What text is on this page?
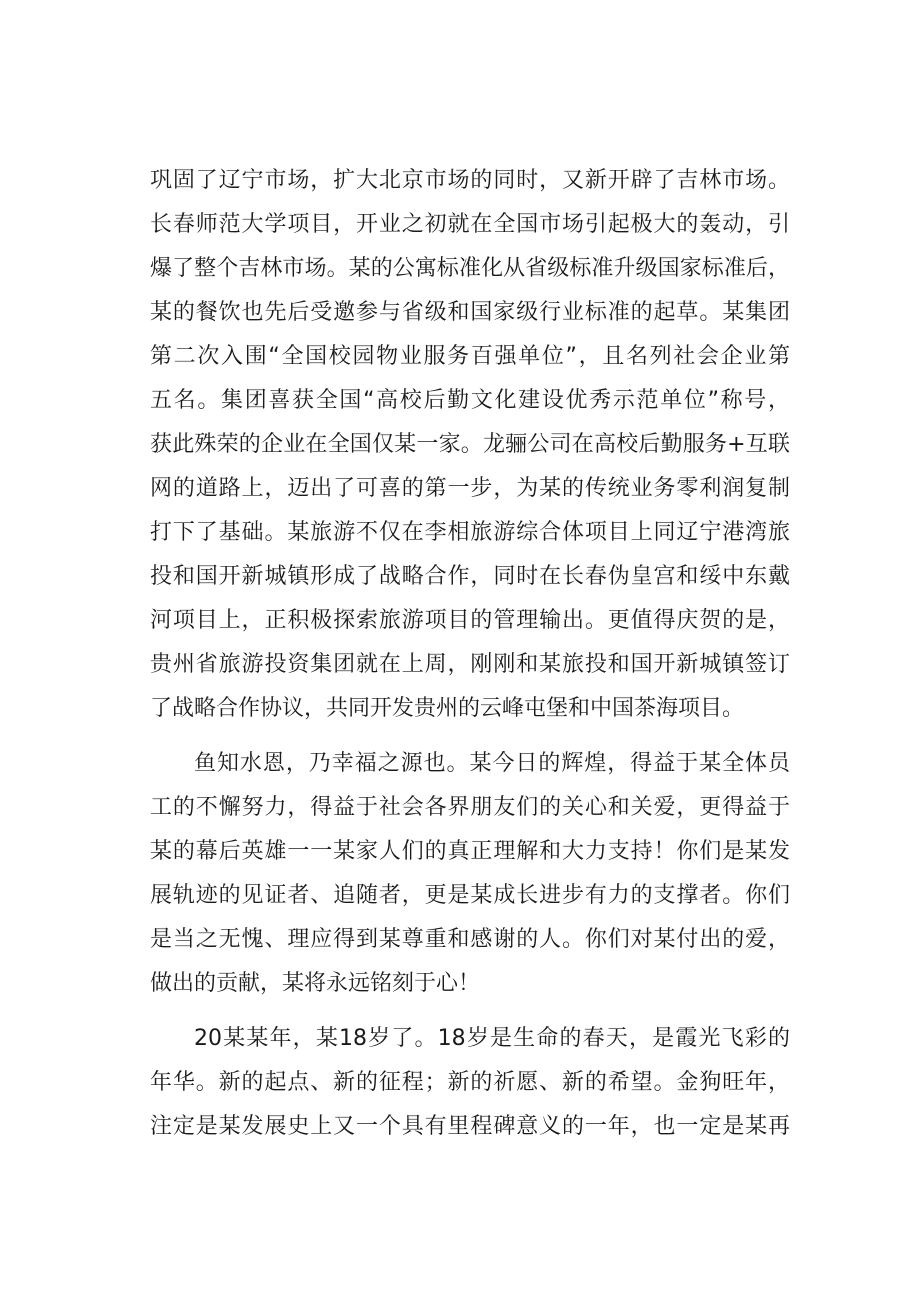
巩固了辽宁市场，扩大北京市场的同时，又新开辟了吉林市场。
长春师范大学项目，开业之初就在全国市场引起极大的轰动，引
爆了整个吉林市场。某的公寓标准化从省级标准升级国家标准后，
某的餐饮也先后受邀参与省级和国家级行业标准的起草。某集团
第二次入围“全国校园物业服务百强单位”，且名列社会企业第
五名。集团喜获全国“高校后勤文化建设优秀示范单位”称号，
获此殊荣的企业在全国仅某一家。龙骊公司在高校后勤服务+互联
网的道路上，迈出了可喜的第一步，为某的传统业务零利润复制
打下了基础。某旅游不仅在李相旅游综合体项目上同辽宁港湾旅
投和国开新城镇形成了战略合作，同时在长春伪皇宫和绥中东戴
河项目上，正积极探索旅游项目的管理输出。更值得庆贺的是，
贵州省旅游投资集团就在上周，刚刚和某旅投和国开新城镇签订
了战略合作协议，共同开发贵州的云峰屯堡和中国茶海项目。
鱼知水恩，乃幸福之源也。某今日的辉煌，得益于某全体员
工的不懈努力，得益于社会各界朋友们的关心和关爱，更得益于
某的幕后英雄一一某家人们的真正理解和大力支持！你们是某发
展轨迹的见证者、追随者，更是某成长进步有力的支撑者。你们
是当之无愧、理应得到某尊重和感谢的人。你们对某付出的爱，
做出的贡献，某将永远铭刻于心！
20某某年，某18岁了。18岁是生命的春天，是霞光飞彩的
年华。新的起点、新的征程；新的祈愿、新的希望。金狗旺年，
注定是某发展史上又一个具有里程碑意义的一年，也一定是某再
